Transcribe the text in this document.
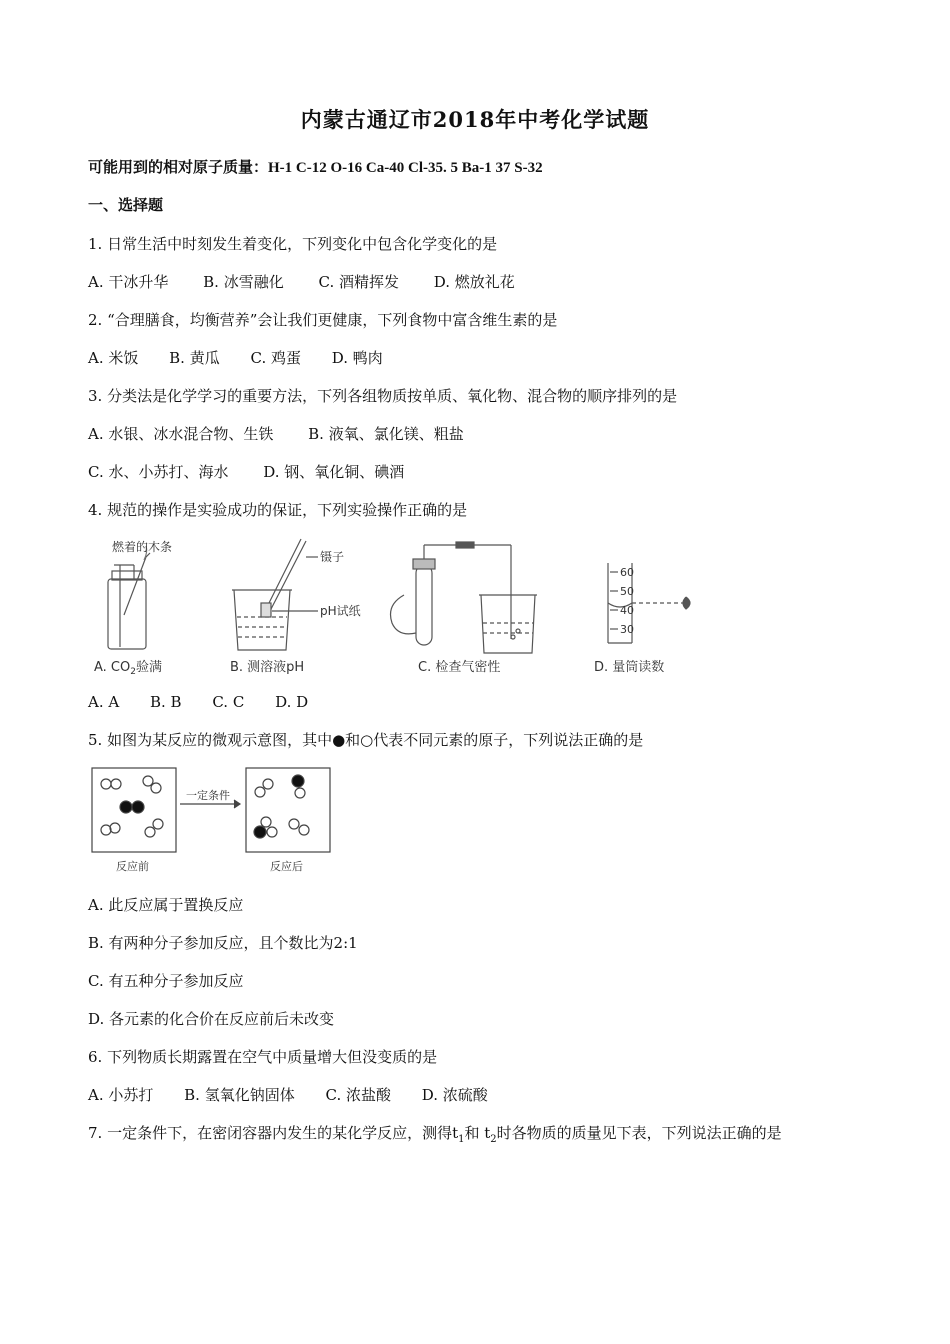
内蒙古通辽市2018年中考化学试题
可能用到的相对原子质量：H-1 C-12 O-16 Ca-40 Cl-35. 5 Ba-1 37 S-32
一、选择题
1. 日常生活中时刻发生着变化，下列变化中包含化学变化的是
A. 干冰升华 B. 冰雪融化 C. 酒精挥发 D. 燃放礼花
2. “合理膳食，均衡营养”会让我们更健康，下列食物中富含维生素的是
A. 米饭 B. 黄瓜 C. 鸡蛋 D. 鸭肉
3. 分类法是化学学习的重要方法，下列各组物质按单质、氧化物、混合物的顺序排列的是
A. 水银、冰水混合物、生铁 B. 液氧、氯化镁、粗盐
C. 水、小苏打、海水 D. 钢、氧化铜、碘酒
4. 规范的操作是实验成功的保证，下列实验操作正确的是
燃着的木条
镊子
pH试纸
60
50
40
30
A. $CO_2$验满	B. 测溶液pH	C. 检查气密性	D. 量筒读数
A. A B. B C. C D. D
5. 如图为某反应的微观示意图，其中●和○代表不同元素的原子，下列说法正确的是
一定条件
反应前	反应后
A. 此反应属于置换反应
B. 有两种分子参加反应，且个数比为2:1
C. 有五种分子参加反应
D. 各元素的化合价在反应前后未改变
6. 下列物质长期露置在空气中质量增大但没变质的是
A. 小苏打 B. 氢氧化钠固体 C. 浓盐酸 D. 浓硫酸
7. 一定条件下，在密闭容器内发生的某化学反应，测得$t_1$和 $t_2$时各物质的质量见下表，下列说法正确的是
